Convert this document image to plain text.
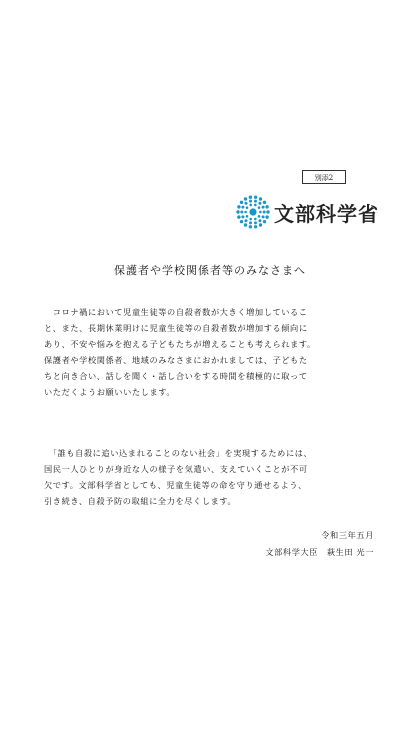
別添2
文部科学省
保護者や学校関係者等のみなさまへ

　コロナ禍において児童生徒等の自殺者数が大きく増加しているこ

と、また、長期休業明けに児童生徒等の自殺者数が増加する傾向に

あり、不安や悩みを抱える子どもたちが増えることも考えられます。

保護者や学校関係者、地域のみなさまにおかれましては、子どもた

ちと向き合い、話しを聞く・話し合いをする時間を積極的に取って

いただくようお願いいたします。

　「誰も自殺に追い込まれることのない社会」を実現するためには、

国民一人ひとりが身近な人の様子を気遣い、支えていくことが不可

欠です。文部科学省としても、児童生徒等の命を守り通せるよう、

引き続き、自殺予防の取組に全力を尽くします。

令和三年五月
文部科学大臣　萩生田 光一
